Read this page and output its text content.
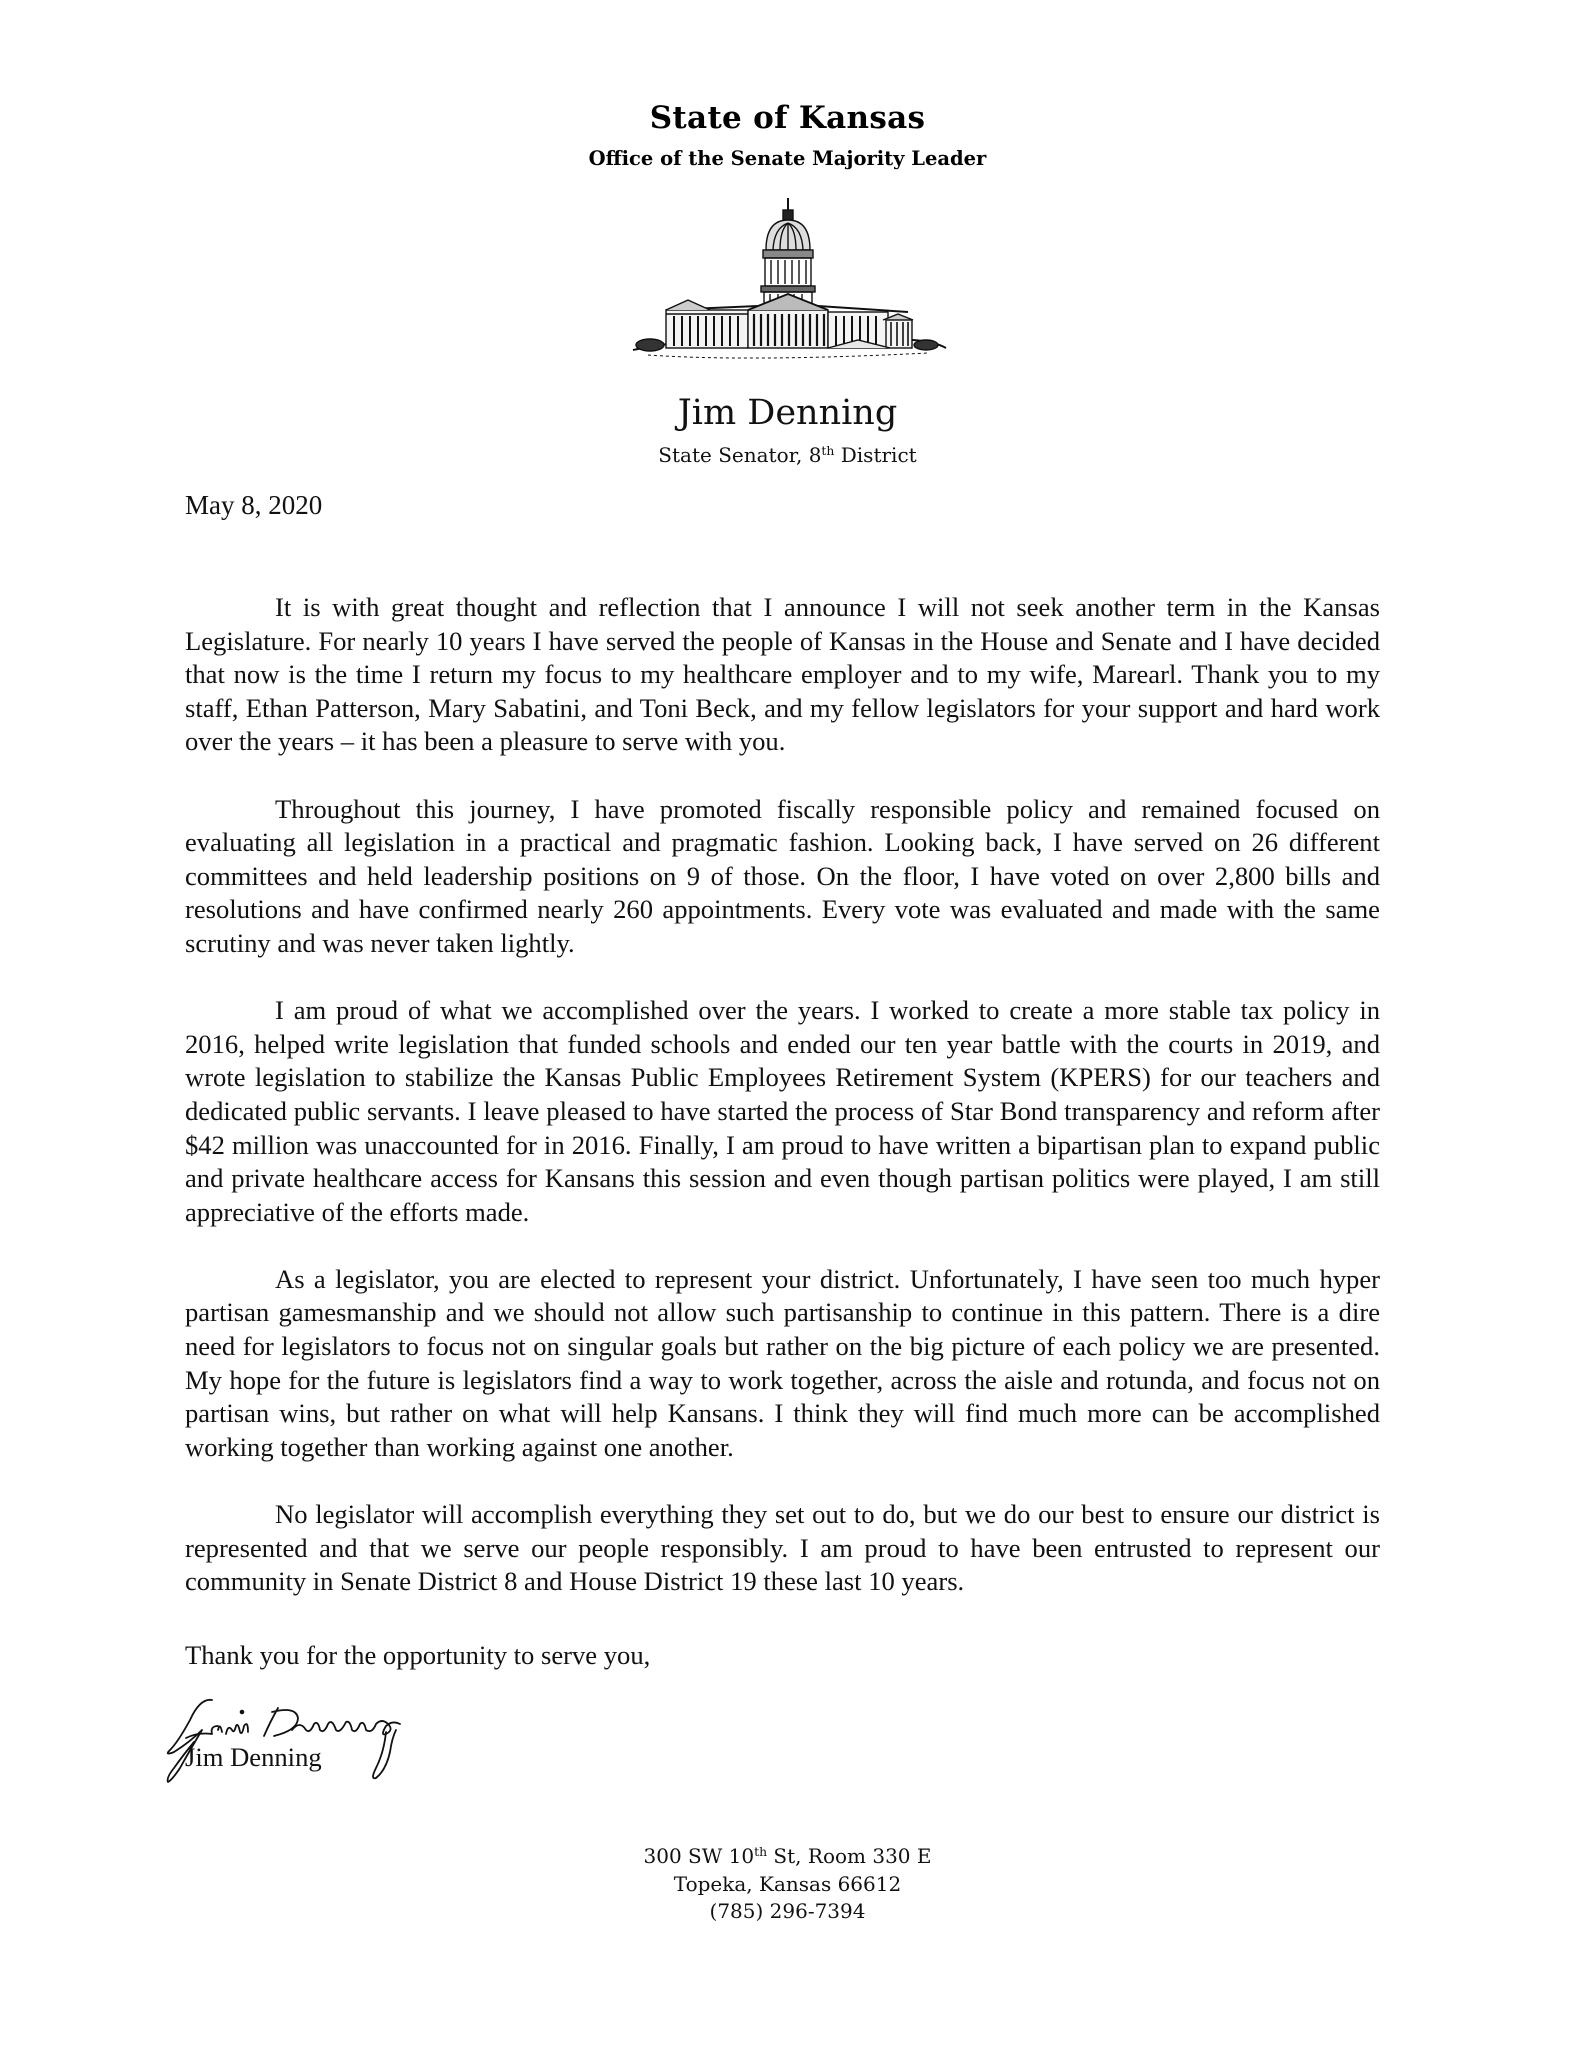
State of Kansas
Office of the Senate Majority Leader
Jim Denning
State Senator, 8th District
May 8, 2020

It is with great thought and reflection that I announce I will not seek another term in the Kansas Legislature. For nearly 10 years I have served the people of Kansas in the House and Senate and I have decided that now is the time I return my focus to my healthcare employer and to my wife, Marearl. Thank you to my staff, Ethan Patterson, Mary Sabatini, and Toni Beck, and my fellow legislators for your support and hard work over the years – it has been a pleasure to serve with you.

Throughout this journey, I have promoted fiscally responsible policy and remained focused on evaluating all legislation in a practical and pragmatic fashion. Looking back, I have served on 26 different committees and held leadership positions on 9 of those. On the floor, I have voted on over 2,800 bills and resolutions and have confirmed nearly 260 appointments. Every vote was evaluated and made with the same scrutiny and was never taken lightly.

I am proud of what we accomplished over the years. I worked to create a more stable tax policy in 2016, helped write legislation that funded schools and ended our ten year battle with the courts in 2019, and wrote legislation to stabilize the Kansas Public Employees Retirement System (KPERS) for our teachers and dedicated public servants. I leave pleased to have started the process of Star Bond transparency and reform after $42 million was unaccounted for in 2016. Finally, I am proud to have written a bipartisan plan to expand public and private healthcare access for Kansans this session and even though partisan politics were played, I am still appreciative of the efforts made.

As a legislator, you are elected to represent your district. Unfortunately, I have seen too much hyper partisan gamesmanship and we should not allow such partisanship to continue in this pattern. There is a dire need for legislators to focus not on singular goals but rather on the big picture of each policy we are presented. My hope for the future is legislators find a way to work together, across the aisle and rotunda, and focus not on partisan wins, but rather on what will help Kansans. I think they will find much more can be accomplished working together than working against one another.

No legislator will accomplish everything they set out to do, but we do our best to ensure our district is represented and that we serve our people responsibly. I am proud to have been entrusted to represent our community in Senate District 8 and House District 19 these last 10 years.

Thank you for the opportunity to serve you,
Jim Denning
300 SW 10th St, Room 330 E
Topeka, Kansas 66612
(785) 296-7394
